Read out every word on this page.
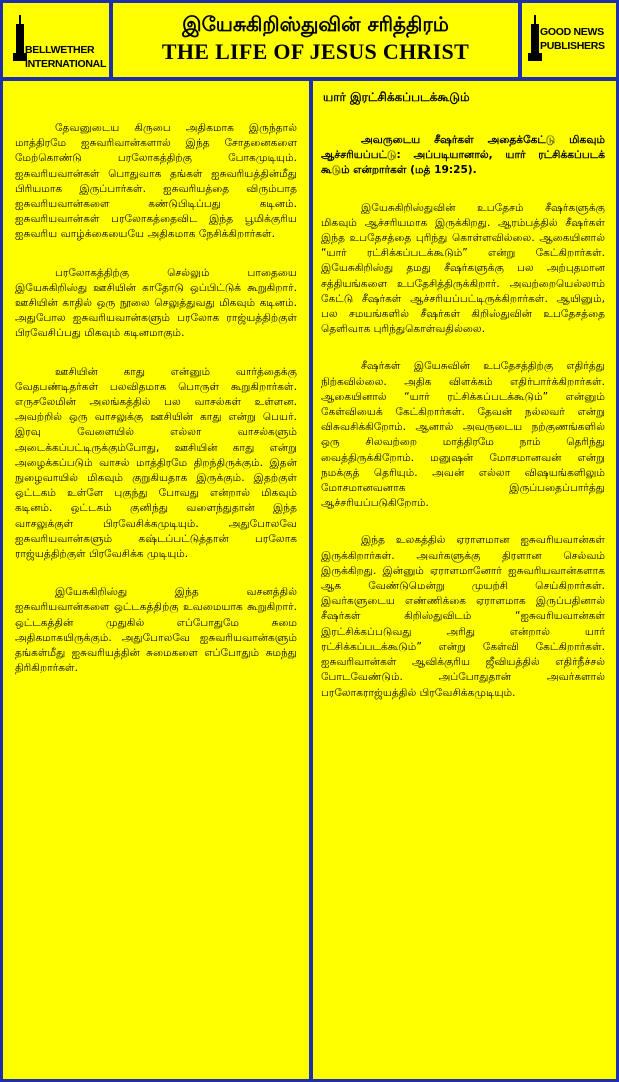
BELLWETHER
INTERNATIONAL
இயேசுகிறிஸ்துவின் சரித்திரம்
THE LIFE OF JESUS CHRIST
GOOD NEWS
PUBLISHERS

தேவனுடைய கிருபை அதிகமாக இருந்தால் மாத்திரமே ஐசுவரிவான்களால் இந்த சோதனைகளை மேற்கொண்டு பரலோகத்திற்கு போகமுடியும். ஐசுவரியவான்கள் பொதுவாக தங்கள் ஐசுவரியத்தின்மீது பிரியமாக இருப்பார்கள். ஐசுவரியத்தை விரும்பாத ஐசுவரியவான்களை கண்டுபிடிப்பது கடினம். ஐசுவரியவான்கள் பரலோகத்தைவிட இந்த பூமிக்குரிய ஐசுவரிய வாழ்க்கையையே அதிகமாக நேசிக்கிறார்கள்.

பரலோகத்திற்கு செல்லும் பாதையை இயேசுகிறிஸ்து ஊசியின் காதோடு ஒப்பிட்டுக் கூறுகிறார். ஊசியின் காதில் ஒரு நூலை செலுத்துவது மிகவும் கடினம். அதுபோல ஐசுவரியவான்களும் பரலோக ராஜ்யத்திற்குள் பிரவேசிப்பது மிகவும் கடினமாகும்.

ஊசியின் காது என்னும் வார்த்தைக்கு வேதபண்டிதர்கள் பலவிதமாக பொருள் கூறுகிறார்கள். எருசலேமின் அலங்கத்தில் பல வாசல்கள் உள்ளன. அவற்றில் ஒரு வாசலுக்கு ஊசியின் காது என்று பெயர். இரவு வேளையில் எல்லா வாசல்களும் அடைக்கப்பட்டிருக்கும்போது, ஊசியின் காது என்று அழைக்கப்படும் வாசல் மாத்திரமே திறந்திருக்கும். இதன் நுழைவாயில் மிகவும் குறுகியதாக இருக்கும். இதற்குள் ஒட்டகம் உள்ளே புகுந்து போவது என்றால் மிகவும் கடினம். ஒட்டகம் குனிந்து வளைந்துதான் இந்த வாசலுக்குள் பிரவேசிக்கமுடியும். அதுபோலவே ஐசுவரியவான்களும் கஷ்டப்பட்டுத்தான் பரலோக ராஜ்யத்திற்குள் பிரவேசிக்க முடியும்.

இயேசுகிறிஸ்து இந்த வசனத்தில் ஐசுவரியவான்களை ஒட்டகத்திற்கு உவமையாக கூறுகிறார். ஒட்டகத்தின் முதுகில் எப்போதுமே சுமை அதிகமாகயிருக்கும். அதுபோலவே ஐசுவரியவான்களும் தங்கள்மீது ஐசுவரியத்தின் சுமைகளை எப்போதும் சுமந்து திரிகிறார்கள்.

யார் இரட்சிக்கப்படக்கூடும்

அவருடைய சீஷர்கள் அதைக்கேட்டு மிகவும் ஆச்சரியப்பட்டு: அப்படியானால், யார் ரட்சிக்கப்படக் கூடும் என்றார்கள் (மத் 19:25).

இயேசுகிறிஸ்துவின் உபதேசம் சீஷர்களுக்கு மிகவும் ஆச்சரியமாக இருக்கிறது. ஆரம்பத்தில் சீஷர்கள் இந்த உபதேசத்தை புரிந்து கொள்ளவில்லை. ஆகையினால் “யார் ரட்சிக்கப்படக்கூடும்” என்று கேட்கிறார்கள். இயேசுகிறிஸ்து தமது சீஷர்களுக்கு பல அற்புதமான சத்தியங்களை உபதேசித்திருக்கிறார். அவற்றையெல்லாம் கேட்டு சீஷர்கள் ஆச்சரியப்பட்டிருக்கிறார்கள். ஆயினும், பல சமயங்களில் சீஷர்கள் கிறிஸ்துவின் உபதேசத்தை தெளிவாக புரிந்துகொள்வதில்லை.

சீஷர்கள் இயேசுவின் உபதேசத்திற்கு எதிர்த்து நிற்கவில்லை. அதிக விளக்கம் எதிர்பார்க்கிறார்கள். ஆகையினால் “யார் ரட்சிக்கப்படக்கூடும்” என்னும் கேள்வியைக் கேட்கிறார்கள். தேவன் நல்லவர் என்று விசுவசிக்கிறோம். ஆனால் அவருடைய நற்குணங்களில் ஒரு சிலவற்றை மாத்திரமே நாம் தெரிந்து வைத்திருக்கிறோம். மனுஷன் மோசமானவன் என்று நமக்குத் தெரியும். அவன் எல்லா விஷயங்களிலும் மோசமானவனாக இருப்பதைப்பார்த்து ஆச்சரியப்படுகிறோம்.

இந்த உலகத்தில் ஏராளமான ஐசுவரியவான்கள் இருக்கிறார்கள். அவர்களுக்கு திரளான செல்வம் இருக்கிறது. இன்னும் ஏராளமானோர் ஐசுவரியவான்களாக ஆக வேண்டுமென்று முயற்சி செய்கிறார்கள். இவர்களுடைய எண்ணிக்கை ஏராளமாக இருப்பதினால் சீஷர்கள் கிறிஸ்துவிடம் “ஐசுவரியவான்கள் இரட்சிக்கப்படுவது அரிது என்றால் யார் ரட்சிக்கப்படக்கூடும்” என்று கேள்வி கேட்கிறார்கள். ஐசுவரிவான்கள் ஆவிக்குரிய ஜீவியத்தில் எதிர்நீச்சல் போடவேண்டும். அப்போதுதான் அவர்களால் பரலோகராஜ்யத்தில் பிரவேசிக்கமுடியும்.
